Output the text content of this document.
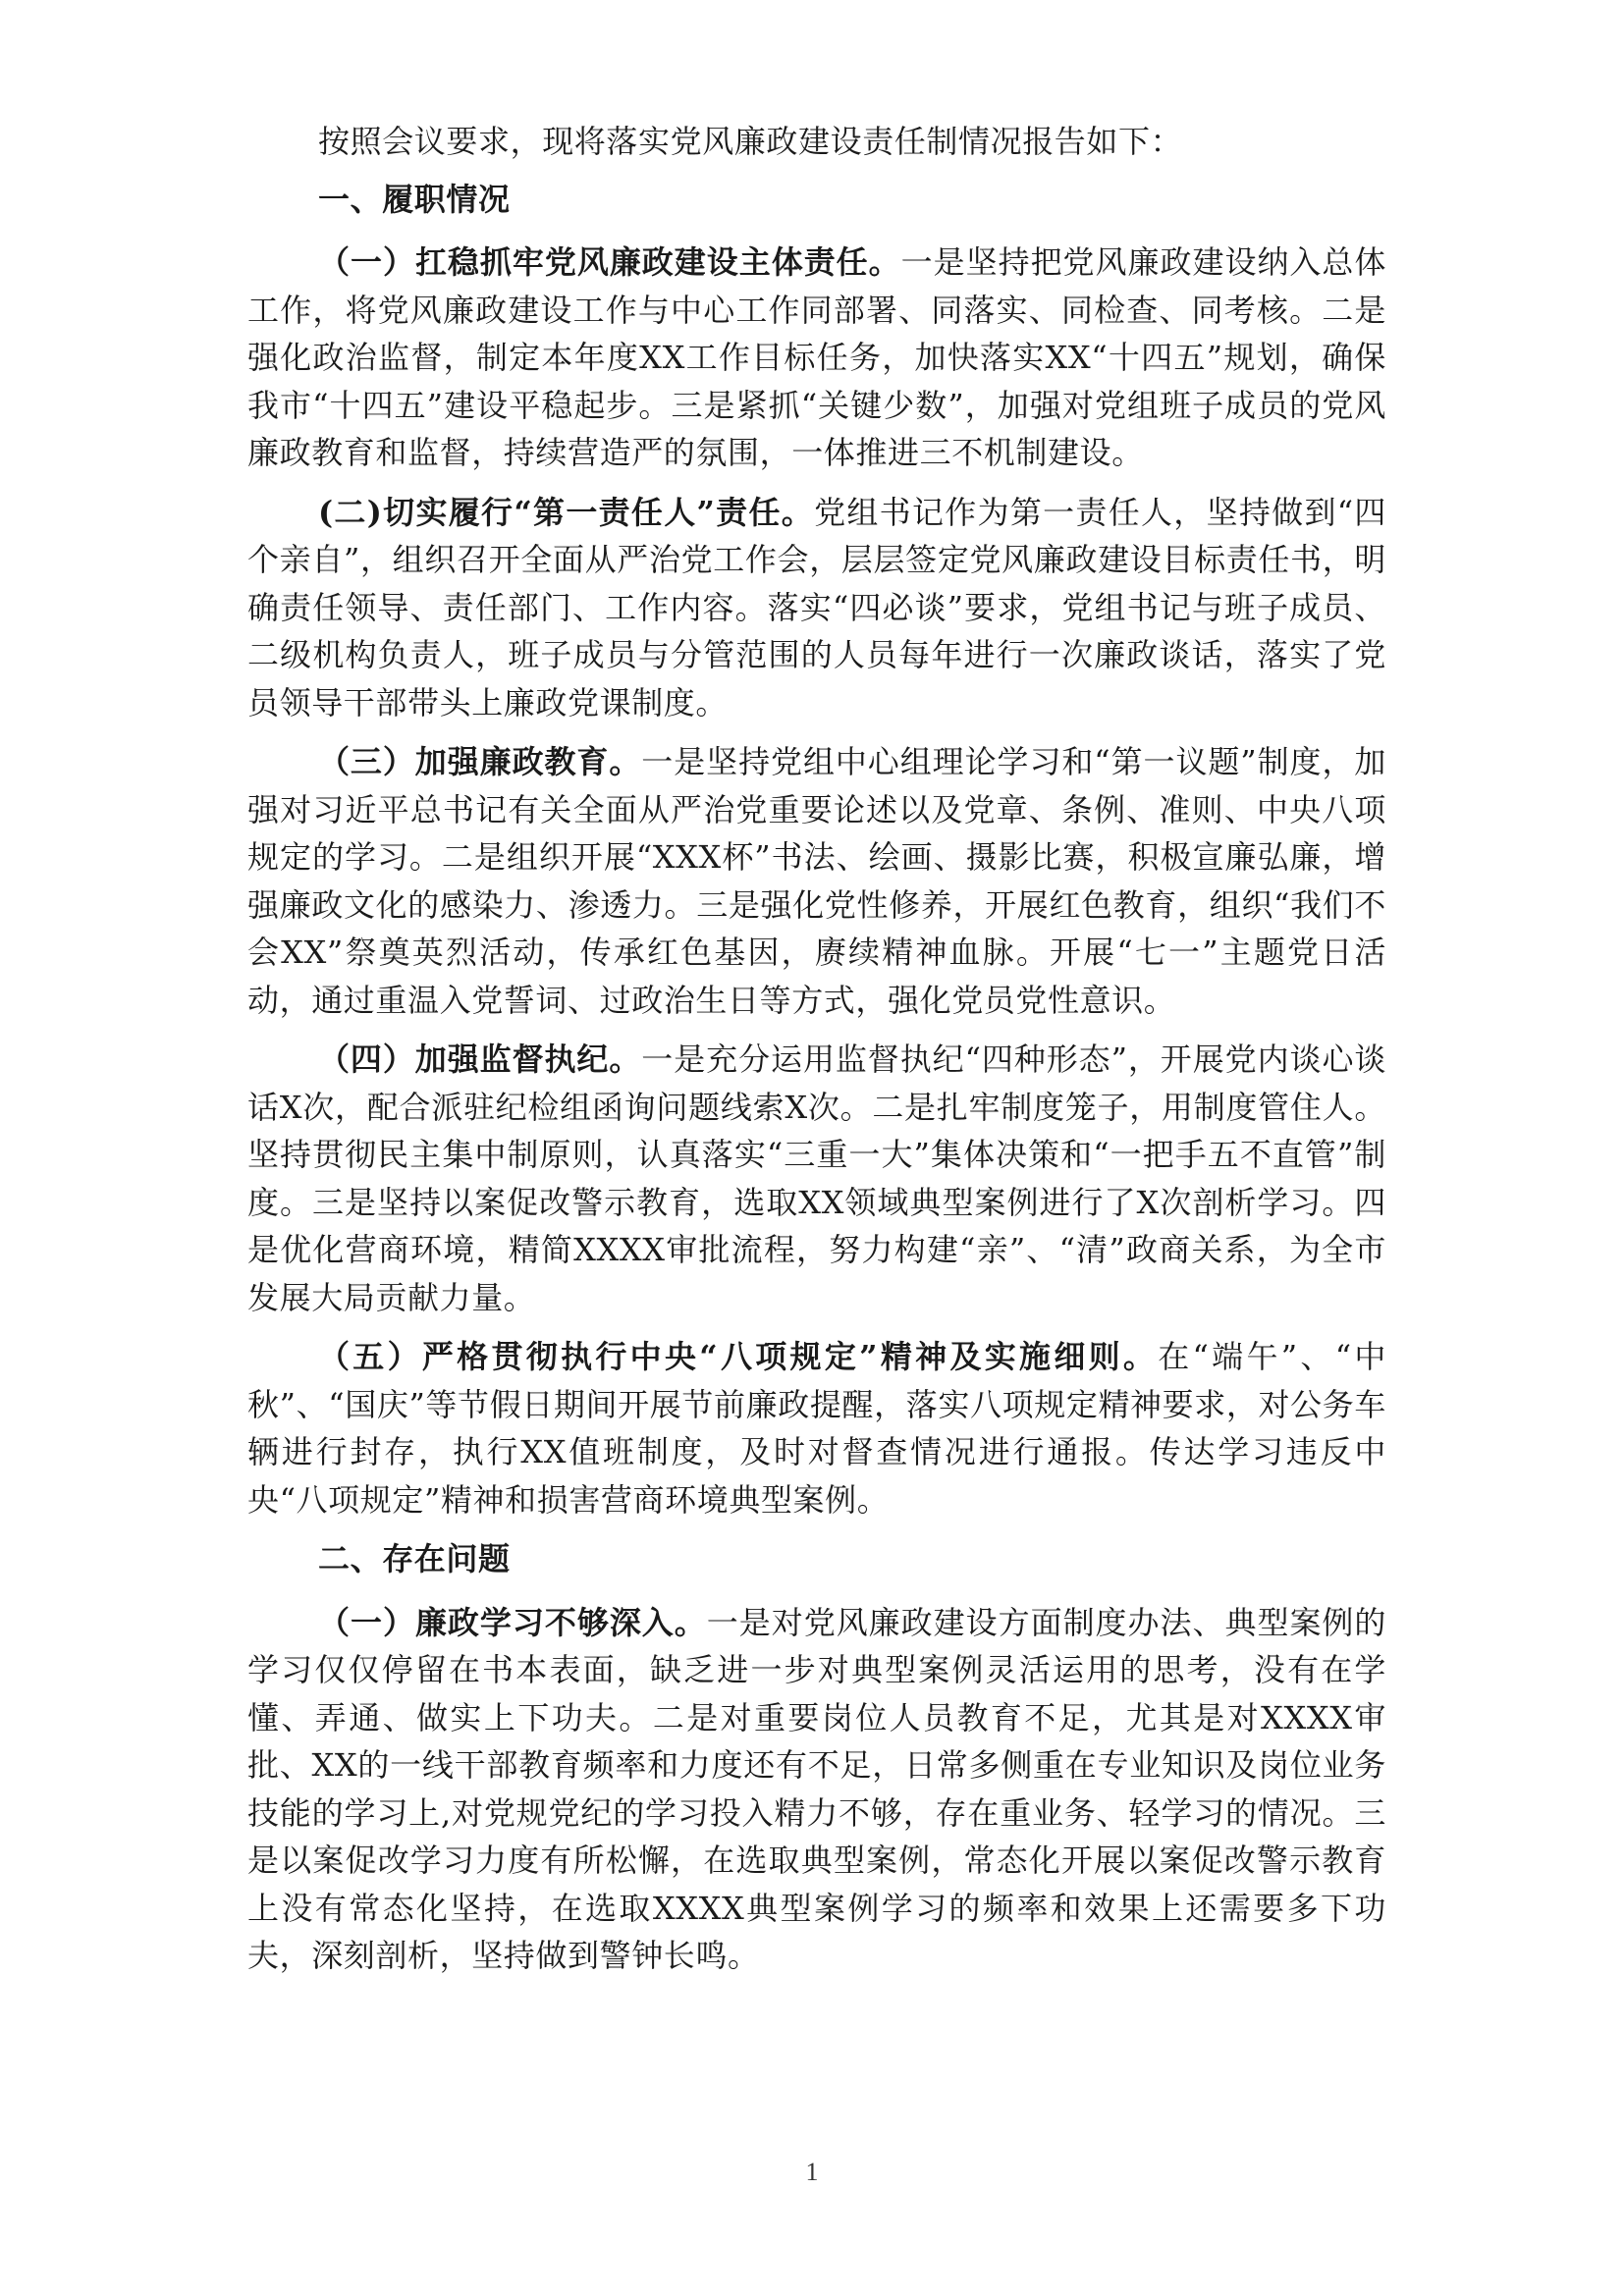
按照会议要求，现将落实党风廉政建设责任制情况报告如下：

一、履职情况

（一）扛稳抓牢党风廉政建设主体责任。一是坚持把党风廉政建设纳入总体工作，将党风廉政建设工作与中心工作同部署、同落实、同检查、同考核。二是强化政治监督，制定本年度XX工作目标任务，加快落实XX“十四五”规划，确保我市“十四五”建设平稳起步。三是紧抓“关键少数”，加强对党组班子成员的党风廉政教育和监督，持续营造严的氛围，一体推进三不机制建设。

(二)切实履行“第一责任人”责任。党组书记作为第一责任人，坚持做到“四个亲自”，组织召开全面从严治党工作会，层层签定党风廉政建设目标责任书，明确责任领导、责任部门、工作内容。落实“四必谈”要求，党组书记与班子成员、二级机构负责人，班子成员与分管范围的人员每年进行一次廉政谈话，落实了党员领导干部带头上廉政党课制度。

（三）加强廉政教育。一是坚持党组中心组理论学习和“第一议题”制度，加强对习近平总书记有关全面从严治党重要论述以及党章、条例、准则、中央八项规定的学习。二是组织开展“XXX杯”书法、绘画、摄影比赛，积极宣廉弘廉，增强廉政文化的感染力、渗透力。三是强化党性修养，开展红色教育，组织“我们不会XX”祭奠英烈活动，传承红色基因，赓续精神血脉。开展“七一”主题党日活动，通过重温入党誓词、过政治生日等方式，强化党员党性意识。

（四）加强监督执纪。一是充分运用监督执纪“四种形态”，开展党内谈心谈话X次，配合派驻纪检组函询问题线索X次。二是扎牢制度笼子，用制度管住人。坚持贯彻民主集中制原则，认真落实“三重一大”集体决策和“一把手五不直管”制度。三是坚持以案促改警示教育，选取XX领域典型案例进行了X次剖析学习。四是优化营商环境，精简XXXX审批流程，努力构建“亲”、“清”政商关系，为全市发展大局贡献力量。

（五）严格贯彻执行中央“八项规定”精神及实施细则。在“端午”、“中秋”、“国庆”等节假日期间开展节前廉政提醒，落实八项规定精神要求，对公务车辆进行封存，执行XX值班制度，及时对督查情况进行通报。传达学习违反中央“八项规定”精神和损害营商环境典型案例。

二、存在问题

（一）廉政学习不够深入。一是对党风廉政建设方面制度办法、典型案例的学习仅仅停留在书本表面，缺乏进一步对典型案例灵活运用的思考，没有在学懂、弄通、做实上下功夫。二是对重要岗位人员教育不足，尤其是对XXXX审批、XX的一线干部教育频率和力度还有不足，日常多侧重在专业知识及岗位业务技能的学习上,对党规党纪的学习投入精力不够，存在重业务、轻学习的情况。三是以案促改学习力度有所松懈，在选取典型案例，常态化开展以案促改警示教育上没有常态化坚持，在选取XXXX典型案例学习的频率和效果上还需要多下功夫，深刻剖析，坚持做到警钟长鸣。

1
